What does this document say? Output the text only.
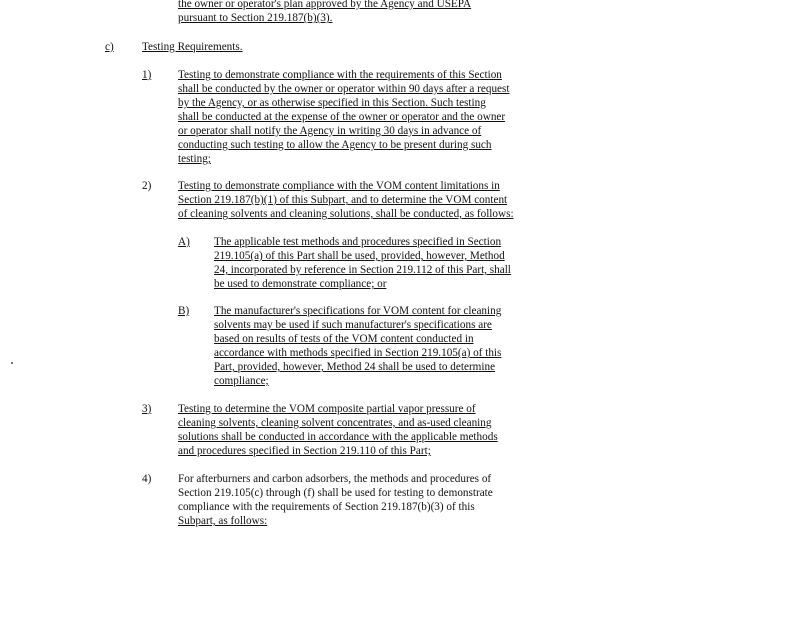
the owner or operator's plan approved by the Agency and USEPA
pursuant to Section 219.187(b)(3).
c)	Testing Requirements.
1) Testing to demonstrate compliance with the requirements of this Section
shall be conducted by the owner or operator within 90 days after a request
by the Agency, or as otherwise specified in this Section. Such testing
shall be conducted at the expense of the owner or operator and the owner
or operator shall notify the Agency in writing 30 days in advance of
conducting such testing to allow the Agency to be present during such
testing;
2) Testing to demonstrate compliance with the VOM content limitations in
Section 219.187(b)(1) of this Subpart, and to determine the VOM content
of cleaning solvents and cleaning solutions, shall be conducted, as follows:
A) The applicable test methods and procedures specified in Section
219.105(a) of this Part shall be used, provided, however, Method
24, incorporated by reference in Section 219.112 of this Part, shall
be used to demonstrate compliance; or
B) The manufacturer's specifications for VOM content for cleaning
solvents may be used if such manufacturer's specifications are
based on results of tests of the VOM content conducted in
accordance with methods specified in Section 219.105(a) of this
Part, provided, however, Method 24 shall be used to determine
compliance;
3) Testing to determine the VOM composite partial vapor pressure of
cleaning solvents, cleaning solvent concentrates, and as-used cleaning
solutions shall be conducted in accordance with the applicable methods
and procedures specified in Section 219.110 of this Part;
4) For afterburners and carbon adsorbers, the methods and procedures of
Section 219.105(c) through (f) shall be used for testing to demonstrate
compliance with the requirements of Section 219.187(b)(3) of this
Subpart, as follows:
